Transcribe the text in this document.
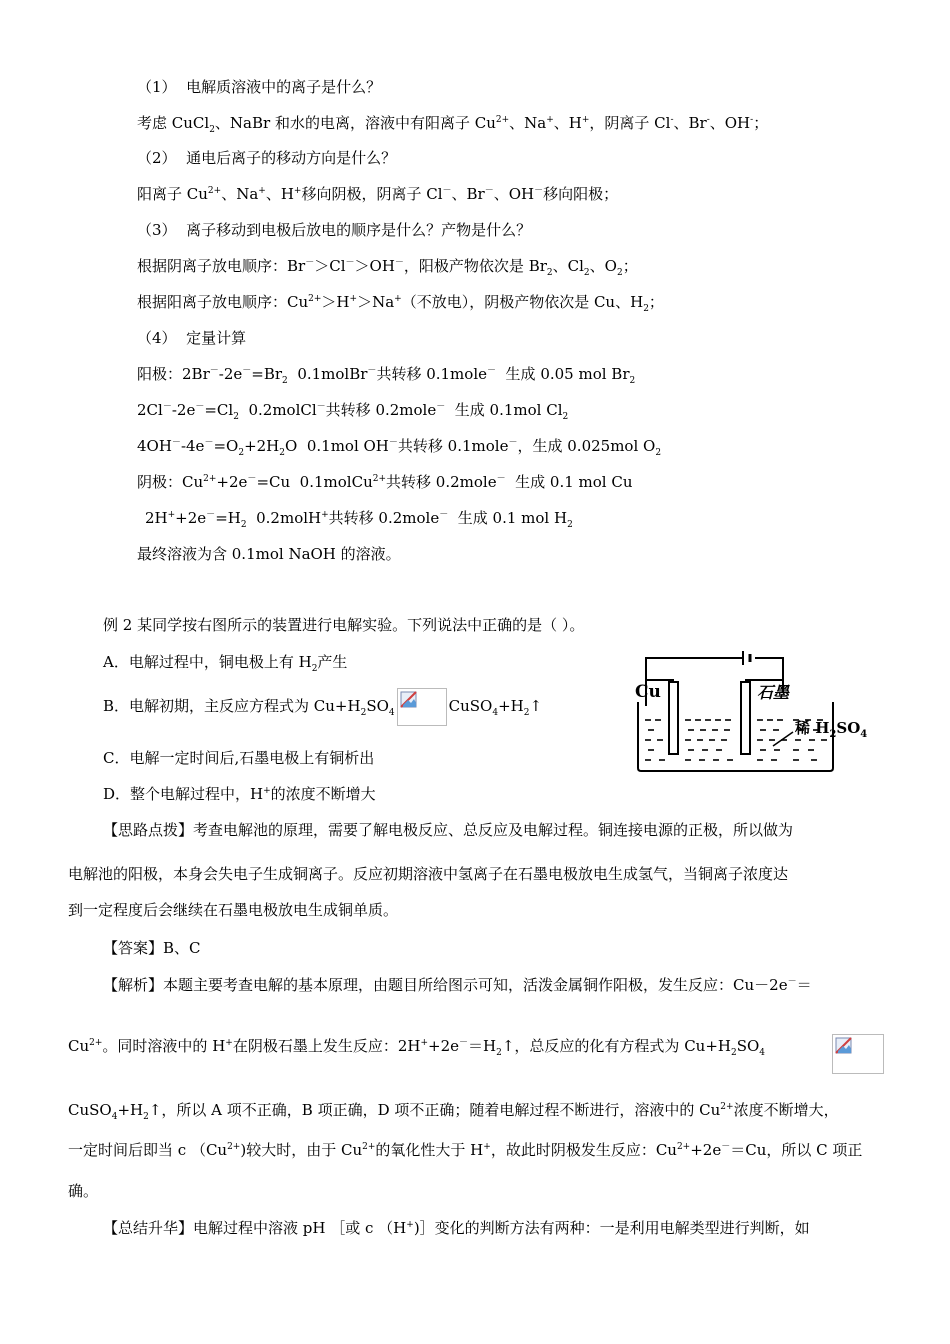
（1） 电解质溶液中的离子是什么？
考虑 CuCl$_2$、NaBr 和水的电离，溶液中有阳离子 $Cu^{2+}$、Na+、H+，阴离子 Cl-、Br-、OH-；
（2） 通电后离子的移动方向是什么？
阳离子 $Cu^{2+}$、Na+、H+移向阴极，阴离子 Cl－、Br－、OH－移向阳极；
（3） 离子移动到电极后放电的顺序是什么？产物是什么？
根据阴离子放电顺序：Br－＞Cl－＞OH－，阳极产物依次是 $Br_2$、$Cl_2$、$O_2$；
根据阳离子放电顺序：$Cu^{2+}>H^+>Na^+$（不放电），阴极产物依次是 Cu、$H_2$；
（4） 定量计算
阳极：$2Br^--2e^-=Br_2$  0.1molBr－共转移 0.1mole－  生成 0.05 mol $Br_2$
$2Cl^--2e^-=Cl_2$  0.2molCl－共转移 0.2mole－  生成 0.1mol $Cl_2$
$4OH^--4e^-=O_2+2H_2O$  0.1mol OH－共转移 0.1mole－，生成 0.025mol $O_2$
阴极：$Cu^{2+}+2e^-=Cu$  0.1molCu$^{2+}$共转移 0.2mole－  生成 0.1 mol Cu
$2H^++2e^-=H_2$  0.2molH+共转移 0.2mole－  生成 0.1 mol $H_2$
最终溶液为含 0.1mol NaOH 的溶液。
例 2 某同学按右图所示的装置进行电解实验。下列说法中正确的是（ ）。
A．电解过程中，铜电极上有 $H_2$产生
B．电解初期，主反应方程式为 $Cu+H_2SO_4$	$CuSO_4+H_2↑$
C．电解一定时间后,石墨电极上有铜析出
D．整个电解过程中，H+的浓度不断增大
Cu	石墨
稀 $H_2SO_4$
【思路点拨】考查电解池的原理，需要了解电极反应、总反应及电解过程。铜连接电源的正极，所以做为
电解池的阳极，本身会失电子生成铜离子。反应初期溶液中氢离子在石墨电极放电生成氢气，当铜离子浓度达
到一定程度后会继续在石墨电极放电生成铜单质。
【答案】B、C
【解析】本题主要考查电解的基本原理，由题目所给图示可知，活泼金属铜作阳极，发生反应：Cu－2e－＝
$Cu^{2+}$。同时溶液中的 H+在阴极石墨上发生反应：$2H^++2e^-=H_2↑$，总反应的化有方程式为 $Cu+H_2SO_4$
$CuSO_4+H_2↑$，所以 A 项不正确，B 项正确，D 项不正确；随着电解过程不断进行，溶液中的 $Cu^{2+}$浓度不断增大，
一定时间后即当 c $(Cu^{2+})$较大时，由于 $Cu^{2+}$的氧化性大于 H+，故此时阴极发生反应：$Cu^{2+}+2e^-=Cu$，所以 C 项正
确。
【总结升华】电解过程中溶液 pH ［或 c （H+)］变化的判断方法有两种：一是利用电解类型进行判断，如
